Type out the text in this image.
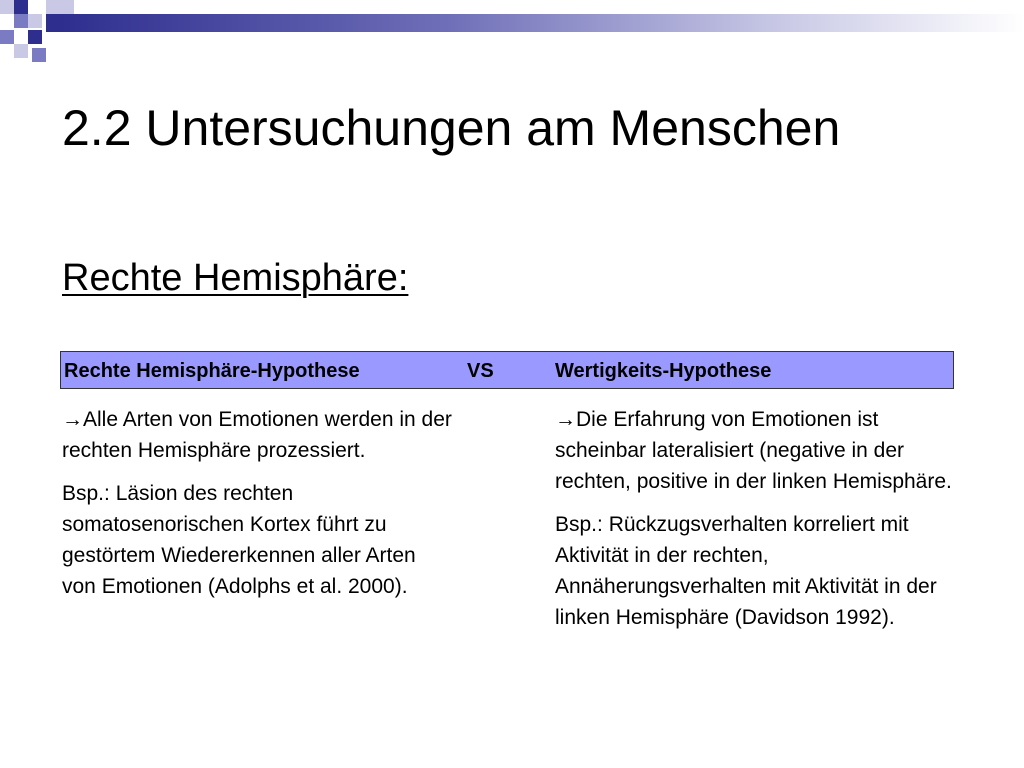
2.2 Untersuchungen am Menschen
Rechte Hemisphäre:
Rechte Hemisphäre-Hypothese	VS	Wertigkeits-Hypothese

→Alle Arten von Emotionen werden in der rechten Hemisphäre prozessiert.

Bsp.: Läsion des rechten somatosenorischen Kortex führt zu gestörtem Wiedererkennen aller Arten von Emotionen (Adolphs et al. 2000).

→Die Erfahrung von Emotionen ist scheinbar lateralisiert (negative in der rechten, positive in der linken Hemisphäre.

Bsp.: Rückzugsverhalten korreliert mit Aktivität in der rechten, Annäherungsverhalten mit Aktivität in der linken Hemisphäre (Davidson 1992).
